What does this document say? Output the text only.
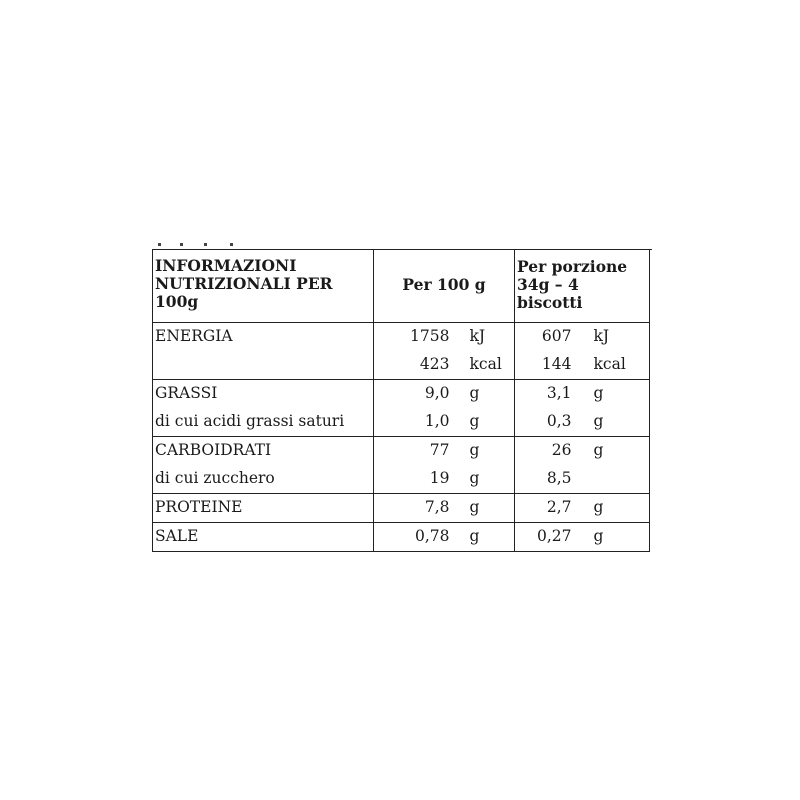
INFORMAZIONI NUTRIZIONALI PER 100g	Per 100 g		Per porzione
34g – 4 biscotti	

ENERGIA	1758	kJ	607	kJ
	423	kcal	144	kcal
GRASSI	9,0	g	3,1	g
di cui acidi grassi saturi	1,0	g	0,3	g
CARBOIDRATI	77	g	26	g
di cui zucchero	19	g	8,5	
PROTEINE	7,8	g	2,7	g
SALE	0,78	g	0,27	g
